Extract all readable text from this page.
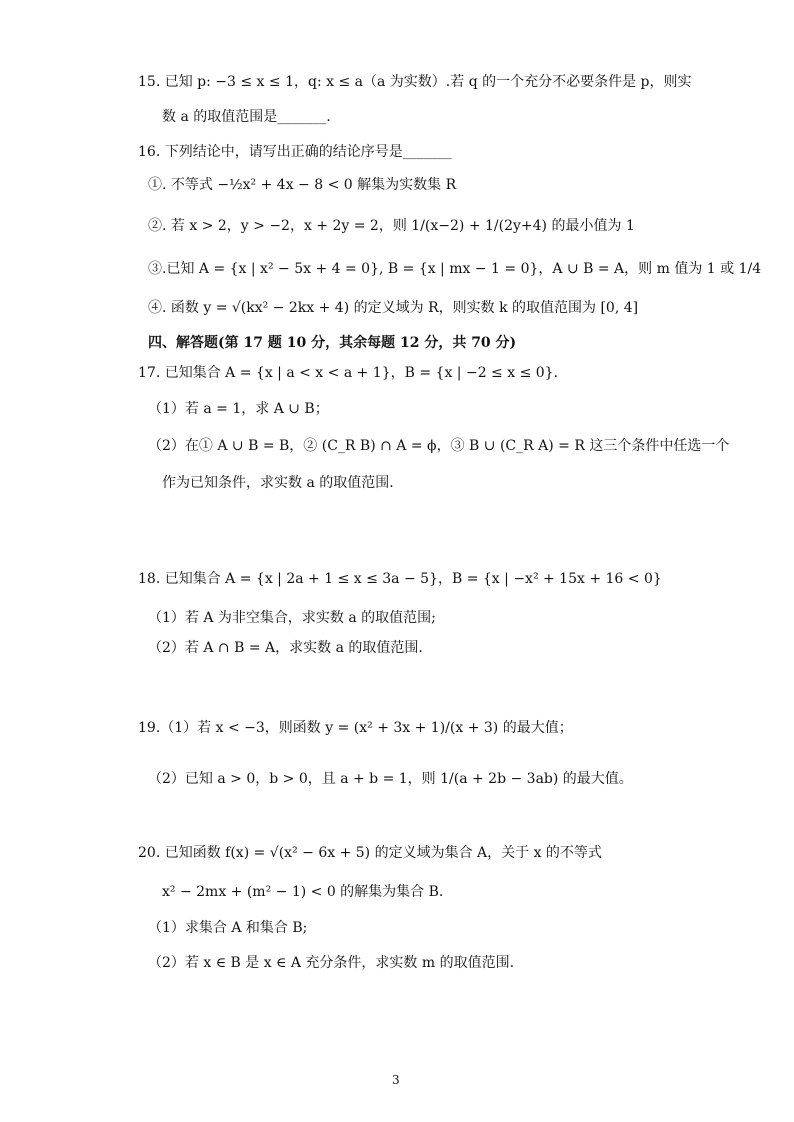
15. 已知 p: −3 ≤ x ≤ 1，q: x ≤ a（a 为实数）.若 q 的一个充分不必要条件是 p，则实
数 a 的取值范围是_______.
16. 下列结论中，请写出正确的结论序号是_______
①. 不等式 −½x² + 4x − 8 < 0 解集为实数集 R
②. 若 x > 2，y > −2，x + 2y = 2，则 1/(x−2) + 1/(2y+4) 的最小值为 1
③.已知 A = {x | x² − 5x + 4 = 0}, B = {x | mx − 1 = 0}，A ∪ B = A，则 m 值为 1 或 1/4
④. 函数 y = √(kx² − 2kx + 4) 的定义域为 R，则实数 k 的取值范围为 [0, 4]
四、解答题(第 17 题 10 分，其余每题 12 分，共 70 分)
17. 已知集合 A = {x | a < x < a + 1}，B = {x | −2 ≤ x ≤ 0}.
（1）若 a = 1，求 A ∪ B；
（2）在① A ∪ B = B，② (C_R B) ∩ A = ϕ，③ B ∪ (C_R A) = R 这三个条件中任选一个
作为已知条件，求实数 a 的取值范围.
18. 已知集合 A = {x | 2a + 1 ≤ x ≤ 3a − 5}，B = {x | −x² + 15x + 16 < 0}
（1）若 A 为非空集合，求实数 a 的取值范围;
（2）若 A ∩ B = A，求实数 a 的取值范围.
19.（1）若 x < −3，则函数 y = (x² + 3x + 1)/(x + 3) 的最大值；
（2）已知 a > 0，b > 0，且 a + b = 1，则 1/(a + 2b − 3ab) 的最大值。
20. 已知函数 f(x) = √(x² − 6x + 5) 的定义域为集合 A，关于 x 的不等式
x² − 2mx + (m² − 1) < 0 的解集为集合 B.
（1）求集合 A 和集合 B;
（2）若 x ∈ B 是 x ∈ A 充分条件，求实数 m 的取值范围.
3
